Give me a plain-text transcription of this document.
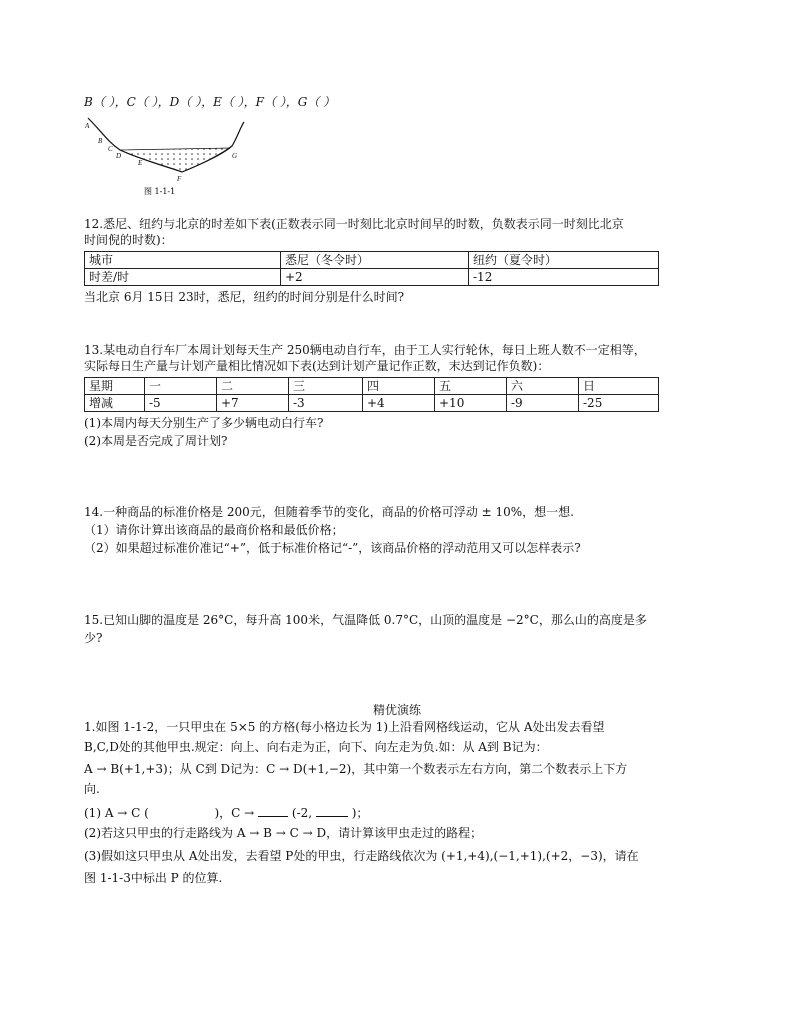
B（ ），C（ ），D（ ），E（ ），F（ ），G（ ）
A
B
C
D
E
F
G
图 1-1-1
12.悉尼、纽约与北京的时差如下表(正数表示同一时刻比北京时间早的时数，负数表示同一时刻比北京
时间倪的时数)：
城市	悉尼（冬令时）	纽约（夏令时）
时差/时	+2	-12
当北京 6月 15日 23时，悉尼，纽约的时间分别是什么时间?
13.某电动自行车厂本周计划每天生产 250辆电动自行车，由于工人实行轮休，每日上班人数不一定相等，
实际每日生产量与计划产量相比情况如下表(达到计划产量记作正数，末达到记作负数)：
星期	一	二	三	四	五	六	日
增减	-5	+7	-3	+4	+10	-9	-25
(1)本周内每天分别生产了多少辆电动白行车?
(2)本周是否完成了周计划?
14.一种商品的标准价格是 200元，但随着季节的变化，商品的价格可浮动 ± 10%，想一想.
（1）请你计算出该商品的最商价格和最低价格；
（2）如果超过标准价准记“+”，低于标准价格记“-”，该商品价格的浮动范用又可以怎样表示?
15.已知山脚的温度是 26°C，每升高 100米，气温降低 0.7°C，山顶的温度是 −2°C，那么山的高度是多
少?
精优演练
1.如图 1-1-2，一只甲虫在 5×5 的方格(每小格边长为 1)上沿看网格线运动，它从 A处出发去看望
B,C,D处的其他甲虫.规定：向上、向右走为正，向下、向左走为负.如：从 A到 B记为：
A → B(+1,+3)；从 C到 D记为：C → D(+1,−2)，其中第一个数表示左右方向，第二个数表示上下方
向.
(1) A → C (	)，C →	(-2,	)；
(2)若这只甲虫的行走路线为 A → B → C → D，请计算该甲虫走过的路程；
(3)假如这只甲虫从 A处出发，去看望 P处的甲虫，行走路线依次为 (+1,+4),(−1,+1),(+2，−3)，请在
图 1-1-3中标出 P 的位算.
